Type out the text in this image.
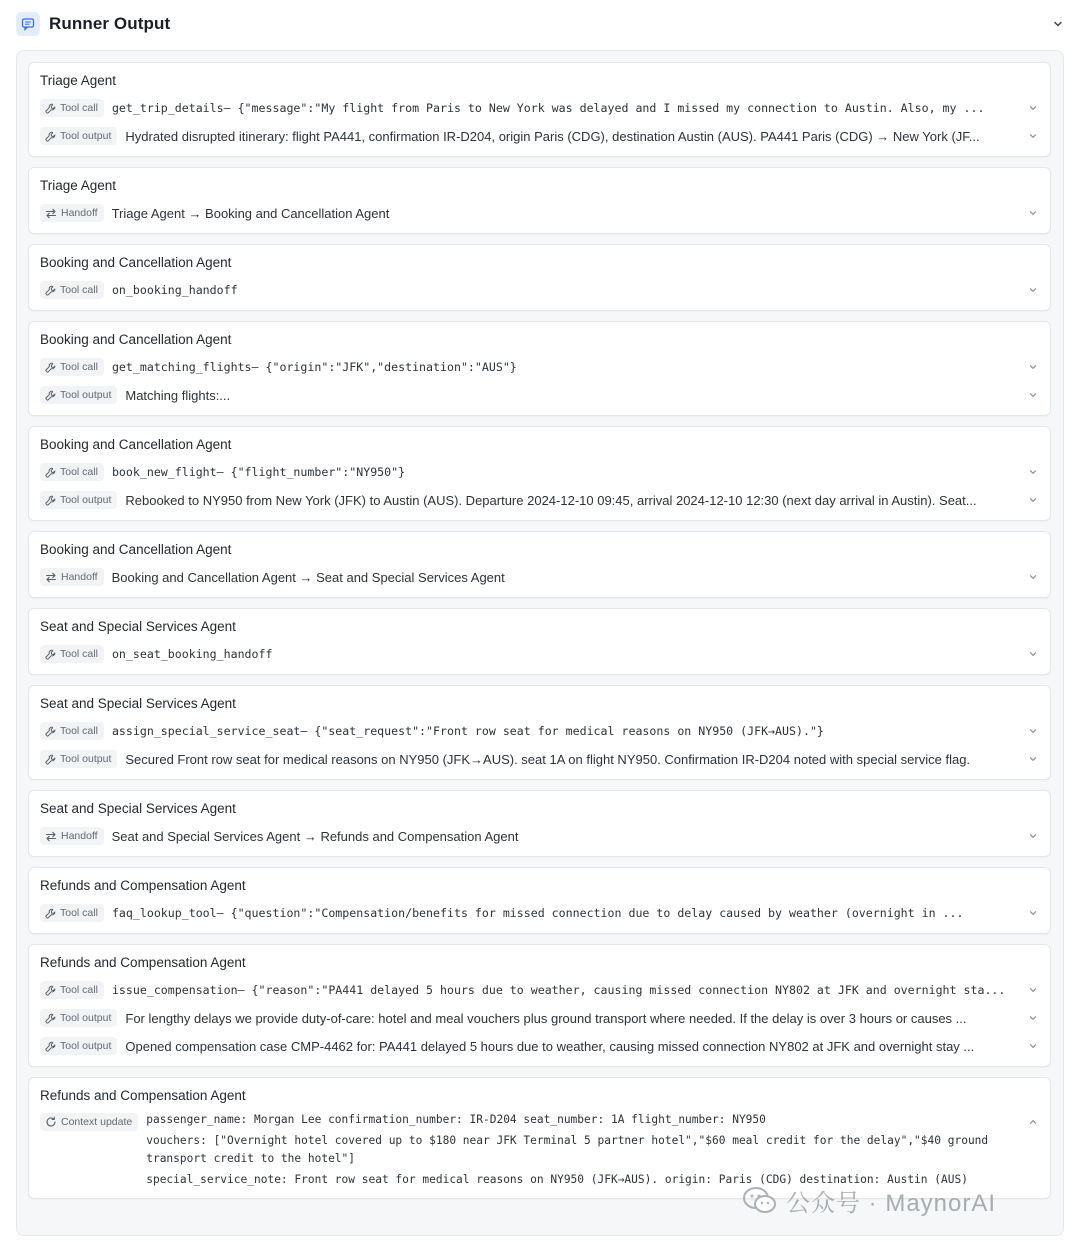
Runner Output
Triage Agent
Tool call get_trip_details– {"message":"My flight from Paris to New York was delayed and I missed my connection to Austin. Also, my ...
Tool output Hydrated disrupted itinerary: flight PA441, confirmation IR-D204, origin Paris (CDG), destination Austin (AUS). PA441 Paris (CDG) → New York (JF...
Triage Agent
Handoff Triage Agent → Booking and Cancellation Agent
Booking and Cancellation Agent
Tool call on_booking_handoff
Booking and Cancellation Agent
Tool call get_matching_flights– {"origin":"JFK","destination":"AUS"}
Tool output Matching flights:...
Booking and Cancellation Agent
Tool call book_new_flight– {"flight_number":"NY950"}
Tool output Rebooked to NY950 from New York (JFK) to Austin (AUS). Departure 2024-12-10 09:45, arrival 2024-12-10 12:30 (next day arrival in Austin). Seat...
Booking and Cancellation Agent
Handoff Booking and Cancellation Agent → Seat and Special Services Agent
Seat and Special Services Agent
Tool call on_seat_booking_handoff
Seat and Special Services Agent
Tool call assign_special_service_seat– {"seat_request":"Front row seat for medical reasons on NY950 (JFK→AUS)."}
Tool output Secured Front row seat for medical reasons on NY950 (JFK→AUS). seat 1A on flight NY950. Confirmation IR-D204 noted with special service flag.
Seat and Special Services Agent
Handoff Seat and Special Services Agent → Refunds and Compensation Agent
Refunds and Compensation Agent
Tool call faq_lookup_tool– {"question":"Compensation/benefits for missed connection due to delay caused by weather (overnight in ...
Refunds and Compensation Agent
Tool call issue_compensation– {"reason":"PA441 delayed 5 hours due to weather, causing missed connection NY802 at JFK and overnight sta...
Tool output For lengthy delays we provide duty-of-care: hotel and meal vouchers plus ground transport where needed. If the delay is over 3 hours or causes ...
Tool output Opened compensation case CMP-4462 for: PA441 delayed 5 hours due to weather, causing missed connection NY802 at JFK and overnight stay ...
Refunds and Compensation Agent
Context update passenger_name: Morgan Lee confirmation_number: IR-D204 seat_number: 1A flight_number: NY950

vouchers: ["Overnight hotel covered up to $180 near JFK Terminal 5 partner hotel","$60 meal credit for the delay","$40 ground transport credit to the hotel"]

special_service_note: Front row seat for medical reasons on NY950 (JFK→AUS). origin: Paris (CDG) destination: Austin (AUS)

公众号 · MaynorAI
